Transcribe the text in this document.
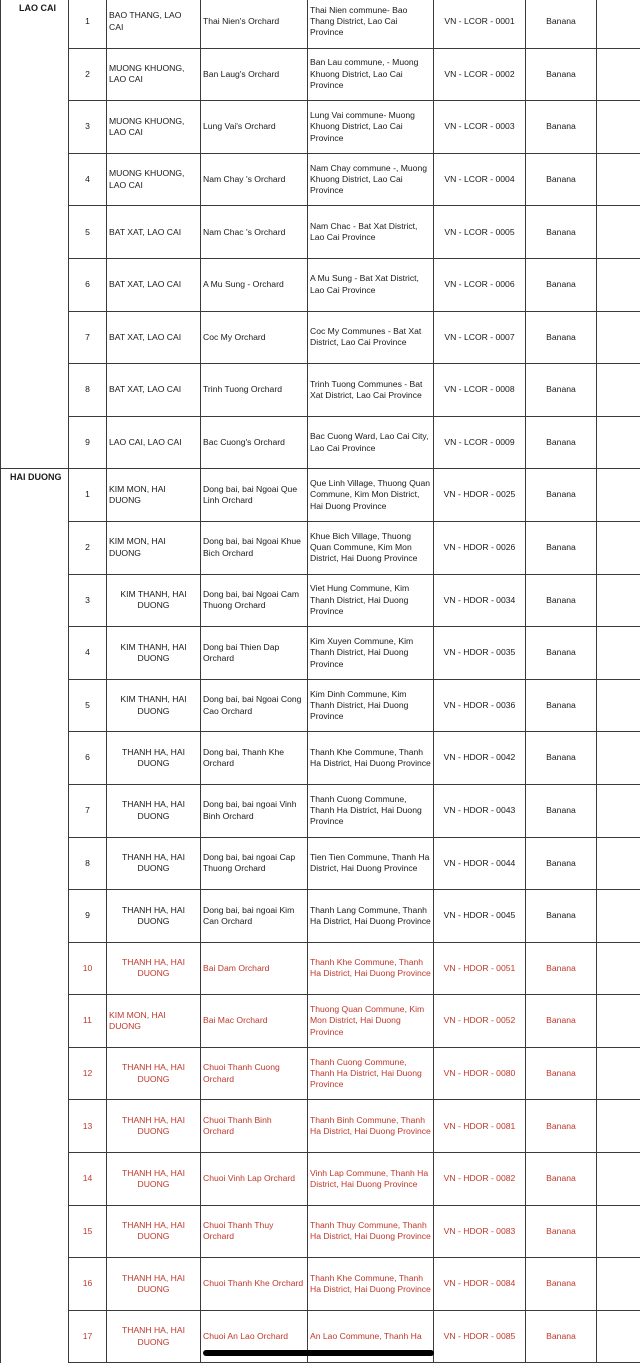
LAO CAI	1	BAO THANG, LAO CAI	Thai Nien's Orchard	Thai Nien commune- Bao Thang District, Lao Cai Province	VN - LCOR - 0001	Banana	
	2	MUONG KHUONG, LAO CAI	Ban Laug's Orchard	Ban Lau commune, - Muong Khuong District, Lao Cai Province	VN - LCOR - 0002	Banana	
	3	MUONG KHUONG, LAO CAI	Lung Vai's Orchard	Lung Vai commune- Muong Khuong District, Lao Cai Province	VN - LCOR - 0003	Banana	
	4	MUONG KHUONG, LAO CAI	Nam Chay 's Orchard	Nam Chay commune -, Muong Khuong District, Lao Cai Province	VN - LCOR - 0004	Banana	
	5	BAT XAT, LAO CAI	Nam Chac 's Orchard	Nam Chac - Bat Xat District, Lao Cai Province	VN - LCOR - 0005	Banana	
	6	BAT XAT, LAO CAI	A Mu Sung - Orchard	A Mu Sung - Bat Xat District, Lao Cai Province	VN - LCOR - 0006	Banana	
	7	BAT XAT, LAO CAI	Coc My Orchard	Coc My Communes - Bat Xat District, Lao Cai Province	VN - LCOR - 0007	Banana	
	8	BAT XAT, LAO CAI	Trinh Tuong Orchard	Trinh Tuong Communes - Bat Xat District, Lao Cai Province	VN - LCOR - 0008	Banana	
	9	LAO CAI, LAO CAI	Bac Cuong's Orchard	Bac Cuong Ward, Lao Cai City, Lao Cai Province	VN - LCOR - 0009	Banana	

HAI DUONG	1	KIM MON, HAI DUONG	Dong bai, bai Ngoai Que Linh Orchard	Que Linh Village, Thuong Quan Commune, Kim Mon District, Hai Duong Province	VN - HDOR - 0025	Banana	
	2	KIM MON, HAI DUONG	Dong bai, bai Ngoai Khue Bich Orchard	Khue Bich Village, Thuong Quan Commune, Kim Mon District, Hai Duong Province	VN - HDOR - 0026	Banana	
	3	KIM THANH, HAI DUONG	Dong bai, bai Ngoai Cam Thuong Orchard	Viet Hung Commune, Kim Thanh District, Hai Duong Province	VN - HDOR - 0034	Banana	
	4	KIM THANH, HAI DUONG	Dong bai Thien Dap Orchard	Kim Xuyen Commune, Kim Thanh District, Hai Duong Province	VN - HDOR - 0035	Banana	
	5	KIM THANH, HAI DUONG	Dong bai, bai Ngoai Cong Cao Orchard	Kim Dinh Commune, Kim Thanh District, Hai Duong Province	VN - HDOR - 0036	Banana	
	6	THANH HA, HAI DUONG	Dong bai, Thanh Khe Orchard	Thanh Khe Commune, Thanh Ha District, Hai Duong Province	VN - HDOR - 0042	Banana	
	7	THANH HA, HAI DUONG	Dong bai, bai ngoai Vinh Binh Orchard	Thanh Cuong Commune, Thanh Ha District, Hai Duong Province	VN - HDOR - 0043	Banana	
	8	THANH HA, HAI DUONG	Dong bai, bai ngoai Cap Thuong Orchard	Tien Tien Commune, Thanh Ha District, Hai Duong Province	VN - HDOR - 0044	Banana	
	9	THANH HA, HAI DUONG	Dong bai, bai ngoai Kim Can Orchard	Thanh Lang Commune, Thanh Ha District, Hai Duong Province	VN - HDOR - 0045	Banana	
	10	THANH HA, HAI DUONG	Bai Dam Orchard	Thanh Khe Commune, Thanh Ha District, Hai Duong Province	VN - HDOR - 0051	Banana	
	11	KIM MON, HAI DUONG	Bai Mac Orchard	Thuong Quan Commune, Kim Mon District, Hai Duong Province	VN - HDOR - 0052	Banana	
	12	THANH HA, HAI DUONG	Chuoi Thanh Cuong Orchard	Thanh Cuong Commune, Thanh Ha District, Hai Duong Province	VN - HDOR - 0080	Banana	
	13	THANH HA, HAI DUONG	Chuoi Thanh Binh Orchard	Thanh Binh Commune, Thanh Ha District, Hai Duong Province	VN - HDOR - 0081	Banana	
	14	THANH HA, HAI DUONG	Chuoi Vinh Lap Orchard	Vinh Lap Commune, Thanh Ha District, Hai Duong Province	VN - HDOR - 0082	Banana	
	15	THANH HA, HAI DUONG	Chuoi Thanh Thuy Orchard	Thanh Thuy Commune, Thanh Ha District, Hai Duong Province	VN - HDOR - 0083	Banana	
	16	THANH HA, HAI DUONG	Chuoi Thanh Khe Orchard	Thanh Khe Commune, Thanh Ha District, Hai Duong Province	VN - HDOR - 0084	Banana	
	17	THANH HA, HAI DUONG	Chuoi An Lao Orchard	An Lao Commune, Thanh Ha	VN - HDOR - 0085	Banana	
